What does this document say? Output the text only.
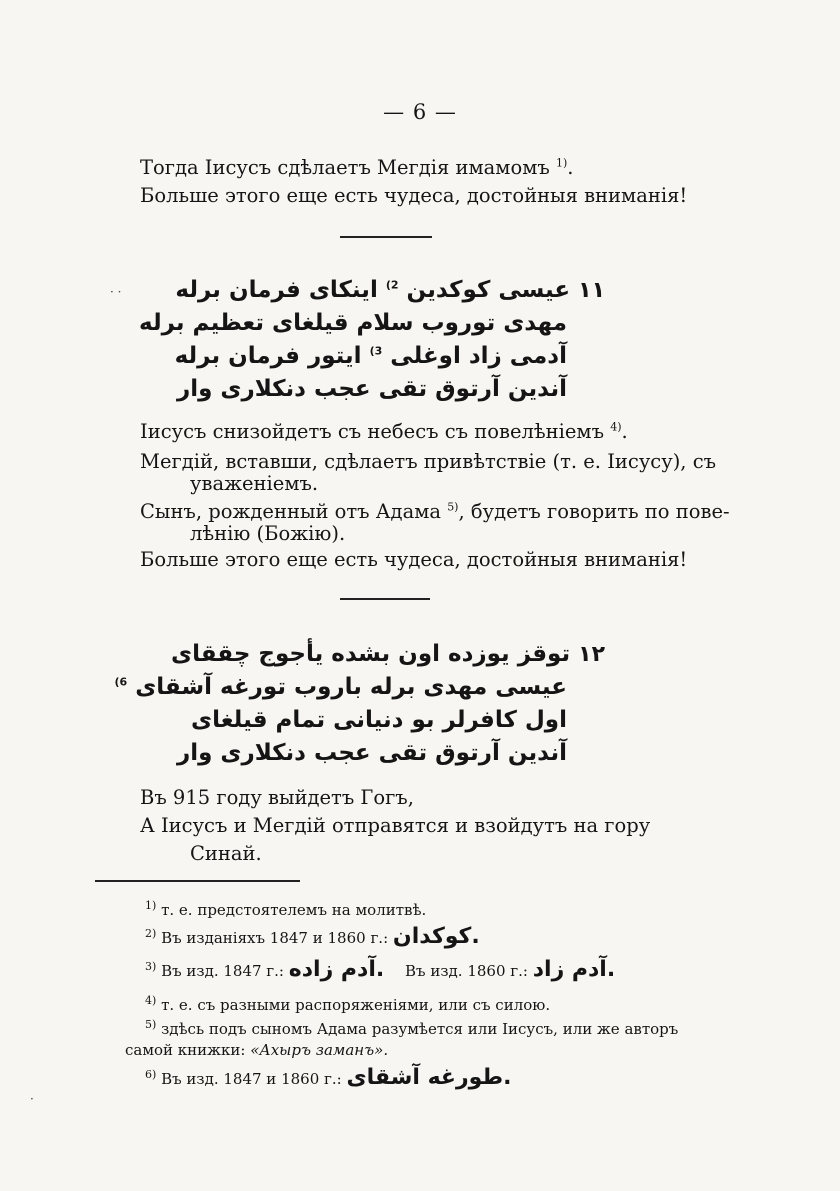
— 6 —
Тогда Іисусъ сдѣлаетъ Мегдія имамомъ $^{1)}$.
Больше этого еще есть чудеса, достойныя вниманія!
١١ عیسی کوکدین $^{2)}$ اینکای فرمان برله
مهدی توروب سلام قیلغای تعظیم برله
آدمی زاد اوغلی $^{3)}$ ایتور فرمان برله
آندین آرتوق تقی عجب دنکلاری وار
Іисусъ снизойдетъ съ небесъ съ повелѣніемъ $^{4)}$.
Мегдій, вставши, сдѣлаетъ привѣтствіе (т. е. Іисусу), съ
уваженіемъ.
Сынъ, рожденный отъ Адама $^{5)}$, будетъ говорить по повe-
лѣнію (Божію).
Больше этого еще есть чудеса, достойныя вниманія!
١٢ توقز یوزده اون بشده یأجوج چققای
عیسی مهدی برله باروب تورغه آشقای $^{6)}$
اول کافرلر بو دنیانی تمام قیلغای
آندین آرتوق تقی عجب دنکلاری وار
Въ 915 году выйдетъ Гогъ,
А Іисусъ и Мегдій отправятся и взойдутъ на гору
Синай.
$^{1)}$ т. е. предстоятелемъ на молитвѣ.
$^{2)}$ Въ изданіяхъ 1847 и 1860 г.: کوکدان.
$^{3)}$ Въ изд. 1847 г.: آدم زاده. Въ изд. 1860 г.: آدم زاد.
$^{4)}$ т. е. съ разными распоряженіями, или съ силою.
$^{5)}$ здѣсь подъ сыномъ Адама разумѣется или Іисусъ, или же авторъ
самой книжки: «Ахыръ заманъ».
$^{6)}$ Въ изд. 1847 и 1860 г.: طورغه آشقای.
· ·
·
